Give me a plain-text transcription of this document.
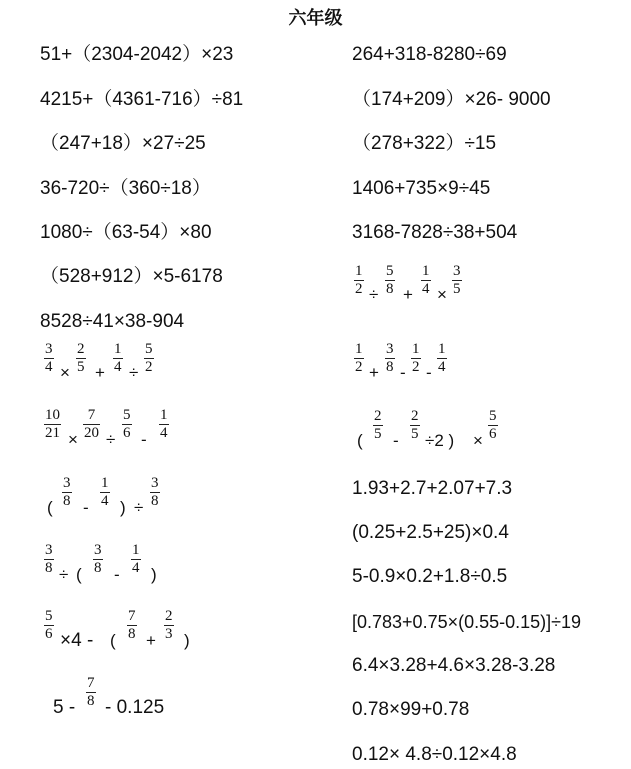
六年级
51+（2304-2042）×23
4215+（4361-716）÷81
（247+18）×27÷25
36-720÷（360÷18）
1080÷（63-54）×80
（528+912）×5-6178
8528÷41×38-904
3
4 ×
2
5 +
1
4 ÷
5
2
10
21 ×
7
20 ÷
5
6 -
1
4
(
3
8 -
1
4 ) ÷
3
8
3
8 ÷ (
3
8 -
1
4 )
5
6 ×4 - (
7
8 +
2
3 )
5 -
7
8 - 0.125
264+318-8280÷69
（174+209）×26- 9000
（278+322）÷15
1406+735×9÷45
3168-7828÷38+504
1
2 ÷
5
8 +
1
4 ×
3
5
1
2 +
3
8 -
1
2 -
1
4
(
2
5 -
2
5 ÷2 ) ×
5
6
1.93+2.7+2.07+7.3
(0.25+2.5+25)×0.4
5-0.9×0.2+1.8÷0.5
[0.783+0.75×(0.55-0.15)]÷19
6.4×3.28+4.6×3.28-3.28
0.78×99+0.78
0.12× 4.8÷0.12×4.8
